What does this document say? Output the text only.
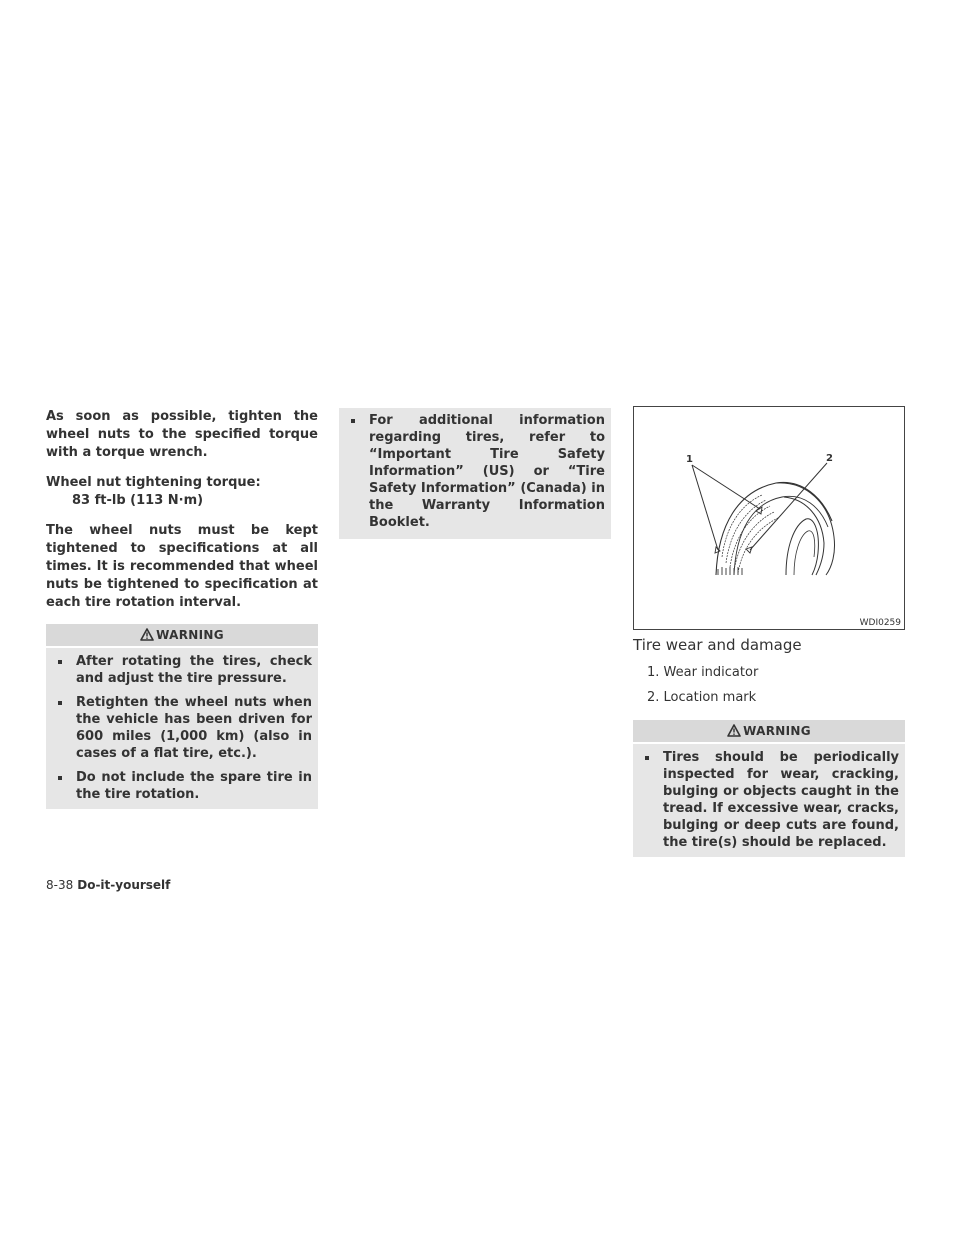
As soon as possible, tighten the wheel nuts to the specified torque with a torque wrench.

Wheel nut tightening torque:

83 ft-lb (113 N·m)

The wheel nuts must be kept tightened to specifications at all times. It is recommended that wheel nuts be tightened to specification at each tire rotation interval.

WARNING
After rotating the tires, check and adjust the tire pressure.
Retighten the wheel nuts when the vehicle has been driven for 600 miles (1,000 km) (also in cases of a flat tire, etc.).
Do not include the spare tire in the tire rotation.
For additional information regarding tires, refer to “Important Tire Safety Information” (US) or “Tire Safety Information” (Canada) in the Warranty Information Booklet.
1	2
WDI0259

Tire wear and damage

1. Wear indicator
2. Location mark
WARNING
Tires should be periodically inspected for wear, cracking, bulging or objects caught in the tread. If excessive wear, cracks, bulging or deep cuts are found, the tire(s) should be replaced.
8-38 Do-it-yourself
